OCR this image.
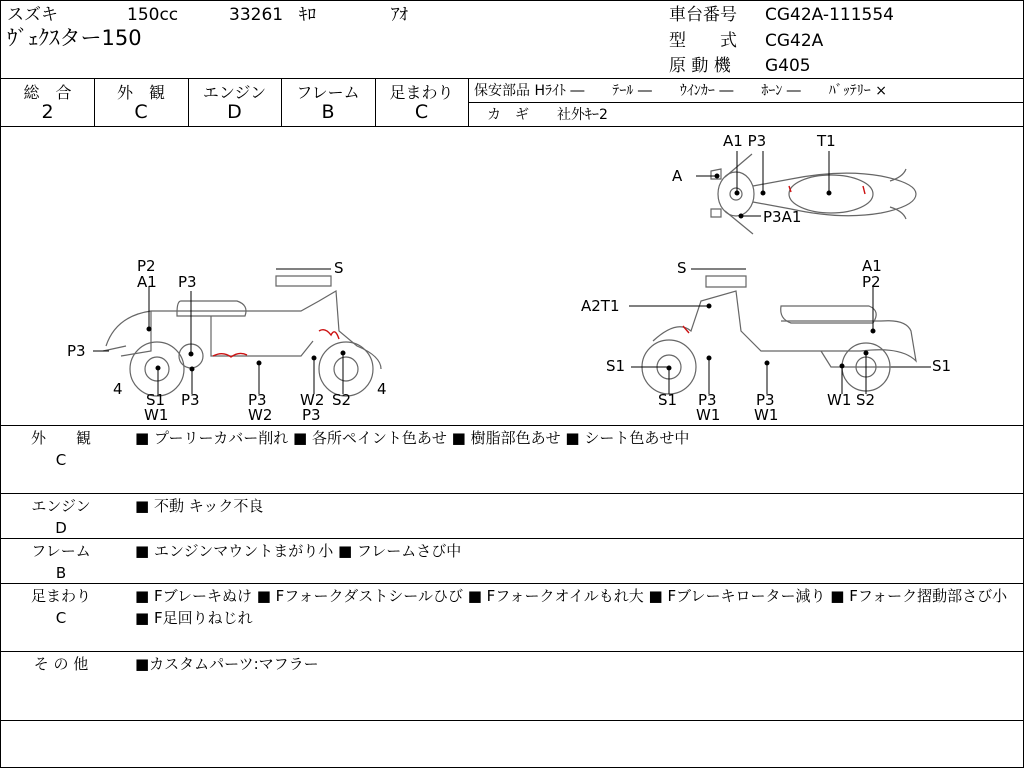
スズキ	150cc	33261 ｷﾛ	ｱｵ
ｳﾞｪｸｽター150
車台番号 CG42A-111554
型　　式 CG42A
原 動 機 G405
総　合
2
外　観
C
エンジン
D
フレーム
B
足まわり
C
保安部品 Hﾗｲﾄ ―　　ﾃｰﾙ ―　　ｳｲﾝｶｰ ―　　ﾎｰﾝ ―　　ﾊﾞｯﾃﾘｰ ×
カ　ギ　　社外ｷｰ2
A1 P3	T1
A
P3A1
P2
A1 P3
S
P3
4	4
S1
W1
P3	P3
W2
W2
P3
S2
S	A1
P2
A2T1
S1	S1
S1 P3
W1
P3
W1
W1 S2
外　　観
C
■ プーリーカバー削れ ■ 各所ペイント色あせ ■ 樹脂部色あせ ■ シート色あせ中
エンジン
D
■ 不動 キック不良
フレーム
B
■ エンジンマウントまがり小 ■ フレームさび中
足まわり
C
■ Fブレーキぬけ ■ Fフォークダストシールひび ■ Fフォークオイルもれ大 ■ Fブレーキローター減り ■ Fフォーク摺動部さび小 ■ F足回りねじれ
そ の 他	■カスタムパーツ:マフラー
